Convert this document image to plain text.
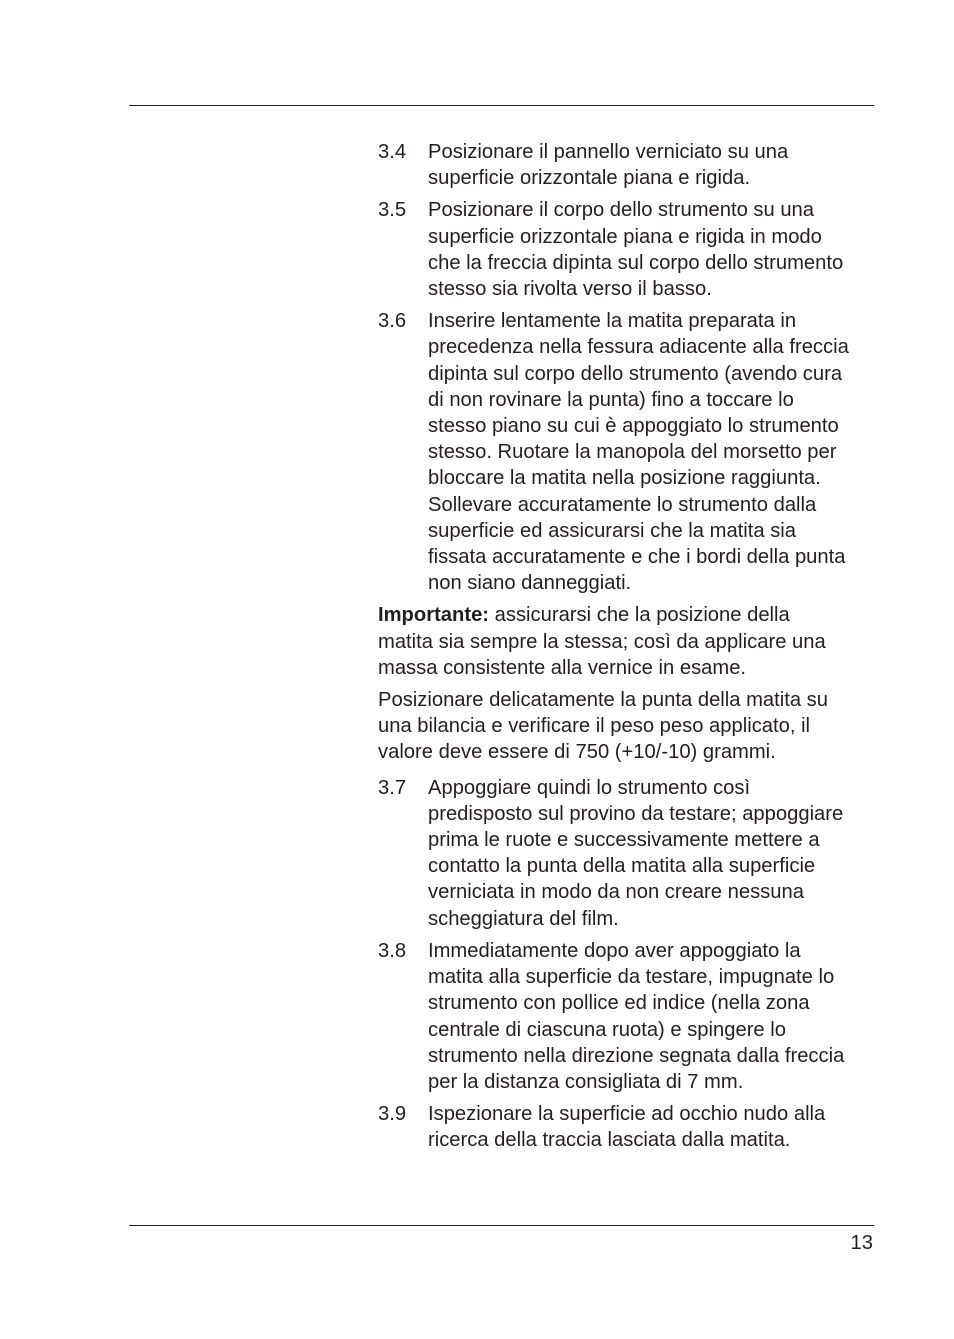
3.4	Posizionare il pannello verniciato su una
superficie orizzontale piana e rigida.
3.5	Posizionare il corpo dello strumento su una
superficie orizzontale piana e rigida in modo
che la freccia dipinta sul corpo dello strumento
stesso sia rivolta verso il basso.
3.6	Inserire lentamente la matita preparata in
precedenza nella fessura adiacente alla freccia
dipinta sul corpo dello strumento (avendo cura
di non rovinare la punta) fino a toccare lo
stesso piano su cui è appoggiato lo strumento
stesso. Ruotare la manopola del morsetto per
bloccare la matita nella posizione raggiunta.
Sollevare accuratamente lo strumento dalla
superficie ed assicurarsi che la matita sia
fissata accuratamente e che i bordi della punta
non siano danneggiati.
Importante: assicurarsi che la posizione della
matita sia sempre la stessa; così da applicare una
massa consistente alla vernice in esame.
Posizionare delicatamente la punta della matita su
una bilancia e verificare il peso peso applicato, il
valore deve essere di 750 (+10/-10) grammi.
3.7	Appoggiare quindi lo strumento così
predisposto sul provino da testare; appoggiare
prima le ruote e successivamente mettere a
contatto la punta della matita alla superficie
verniciata in modo da non creare nessuna
scheggiatura del film.
3.8	Immediatamente dopo aver appoggiato la
matita alla superficie da testare, impugnate lo
strumento con pollice ed indice (nella zona
centrale di ciascuna ruota) e spingere lo
strumento nella direzione segnata dalla freccia
per la distanza consigliata di 7 mm.
3.9	Ispezionare la superficie ad occhio nudo alla
ricerca della traccia lasciata dalla matita.
13
